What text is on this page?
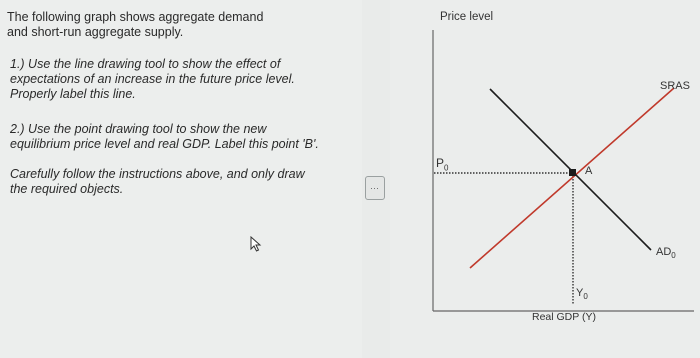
The following graph shows aggregate demand
and short-run aggregate supply.
1.) Use the line drawing tool to show the effect of
expectations of an increase in the future price level.
Properly label this line.
2.) Use the point drawing tool to show the new
equilibrium price level and real GDP. Label this point 'B'.
Carefully follow the instructions above, and only draw
the required objects.	⋯
Price level
$P_0$	A
SRAS
$AD_0$
$Y_0$
Real GDP (Y)
